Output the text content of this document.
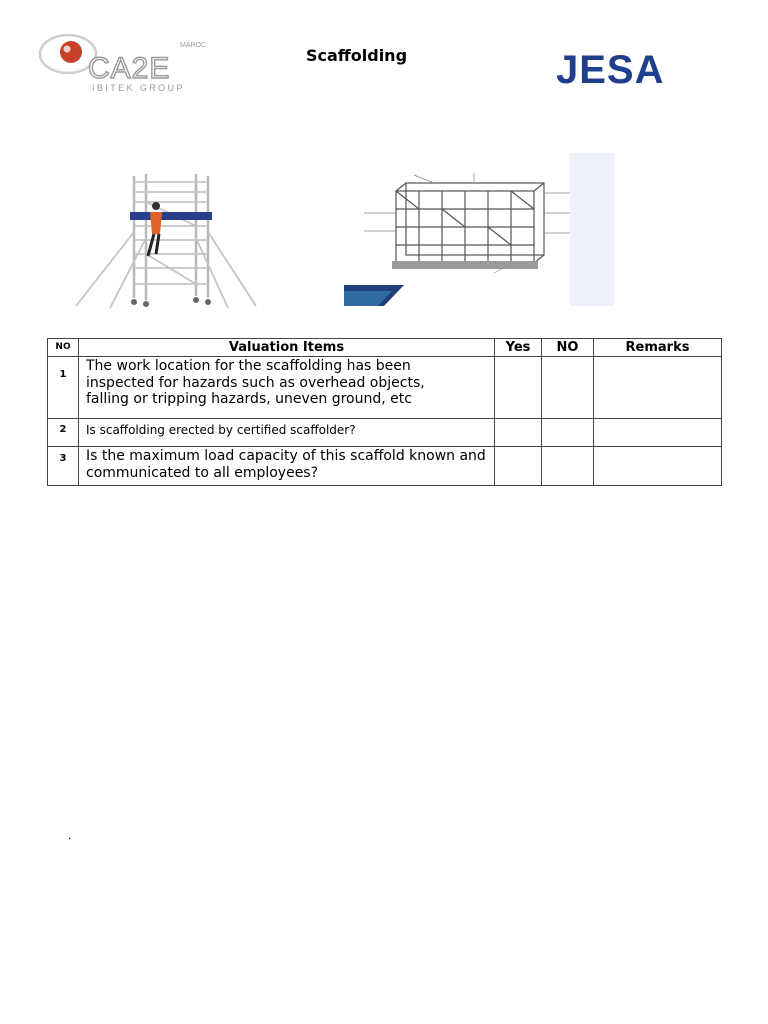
MAROC
CA2E
IBITEK GROUP
Scaffolding	JESA
NO	Valuation Items	Yes	NO	Remarks
1	The work location for the scaffolding has been
inspected for hazards such as overhead objects,
falling or tripping hazards, uneven ground, etc			

2	Is scaffolding erected by certified scaffolder?			

3	Is the maximum load capacity of this scaffold known and
communicated to all employees?			

.
